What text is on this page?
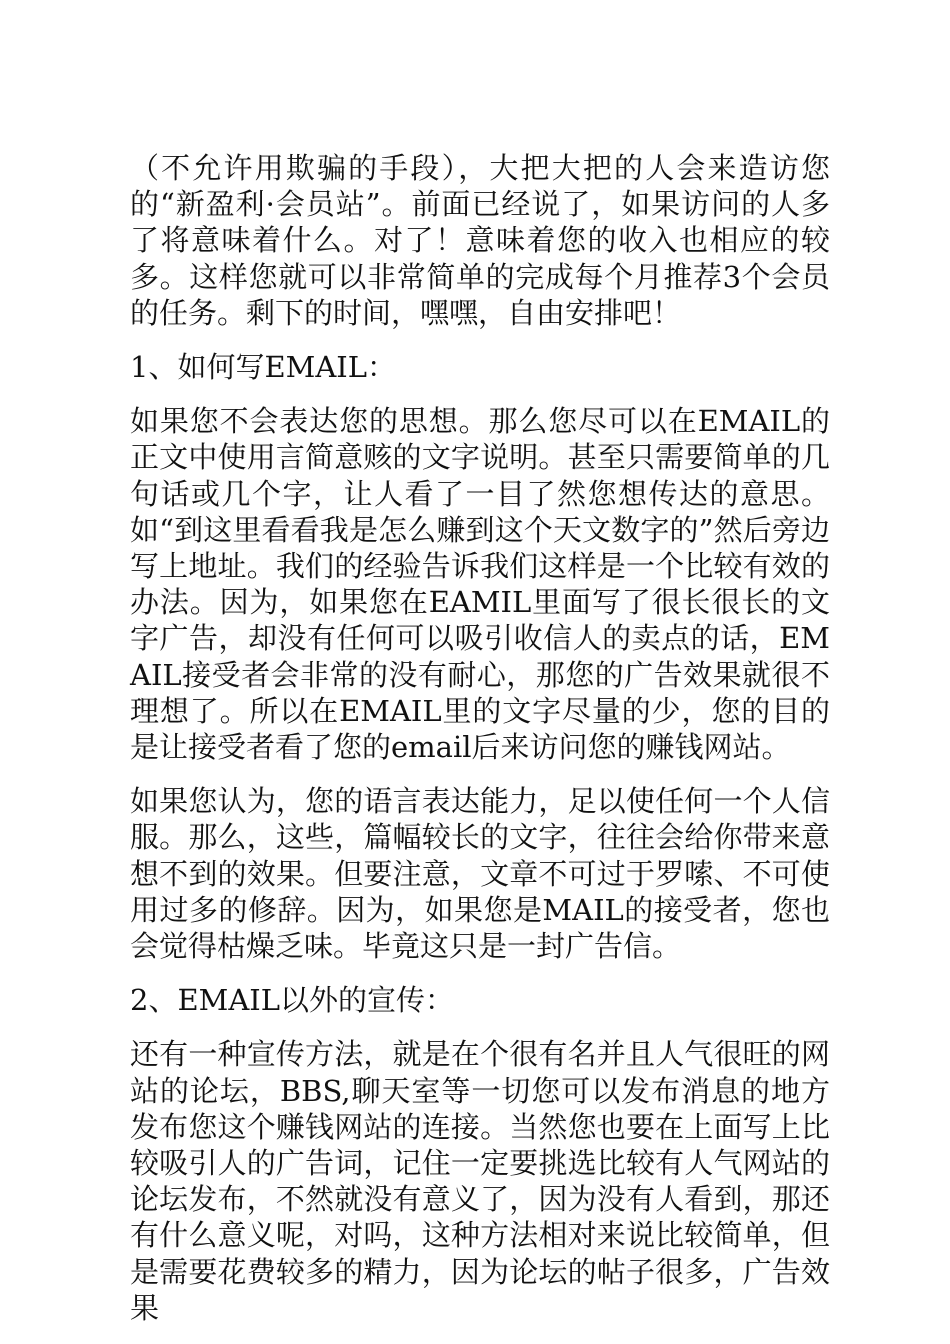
（不允许用欺骗的手段），大把大把的人会来造访您的“新盈利·会员站”。前面已经说了，如果访问的人多了将意味着什么。对了！意味着您的收入也相应的较多。这样您就可以非常简单的完成每个月推荐3个会员的任务。剩下的时间，嘿嘿，自由安排吧！

1、如何写EMAIL：

如果您不会表达您的思想。那么您尽可以在EMAIL的正文中使用言简意赅的文字说明。甚至只需要简单的几句话或几个字，让人看了一目了然您想传达的意思。如“到这里看看我是怎么赚到这个天文数字的”然后旁边写上地址。我们的经验告诉我们这样是一个比较有效的办法。因为，如果您在EAMIL里面写了很长很长的文字广告，却没有任何可以吸引收信人的卖点的话，EMAIL接受者会非常的没有耐心，那您的广告效果就很不理想了。所以在EMAIL里的文字尽量的少，您的目的是让接受者看了您的email后来访问您的赚钱网站。

如果您认为，您的语言表达能力，足以使任何一个人信服。那么，这些，篇幅较长的文字，往往会给你带来意想不到的效果。但要注意，文章不可过于罗嗦、不可使用过多的修辞。因为，如果您是MAIL的接受者，您也会觉得枯燥乏味。毕竟这只是一封广告信。

2、EMAIL以外的宣传：

还有一种宣传方法，就是在个很有名并且人气很旺的网站的论坛，BBS,聊天室等一切您可以发布消息的地方发布您这个赚钱网站的连接。当然您也要在上面写上比较吸引人的广告词，记住一定要挑选比较有人气网站的论坛发布，不然就没有意义了，因为没有人看到，那还有什么意义呢，对吗，这种方法相对来说比较简单，但是需要花费较多的精力，因为论坛的帖子很多，广告效果
